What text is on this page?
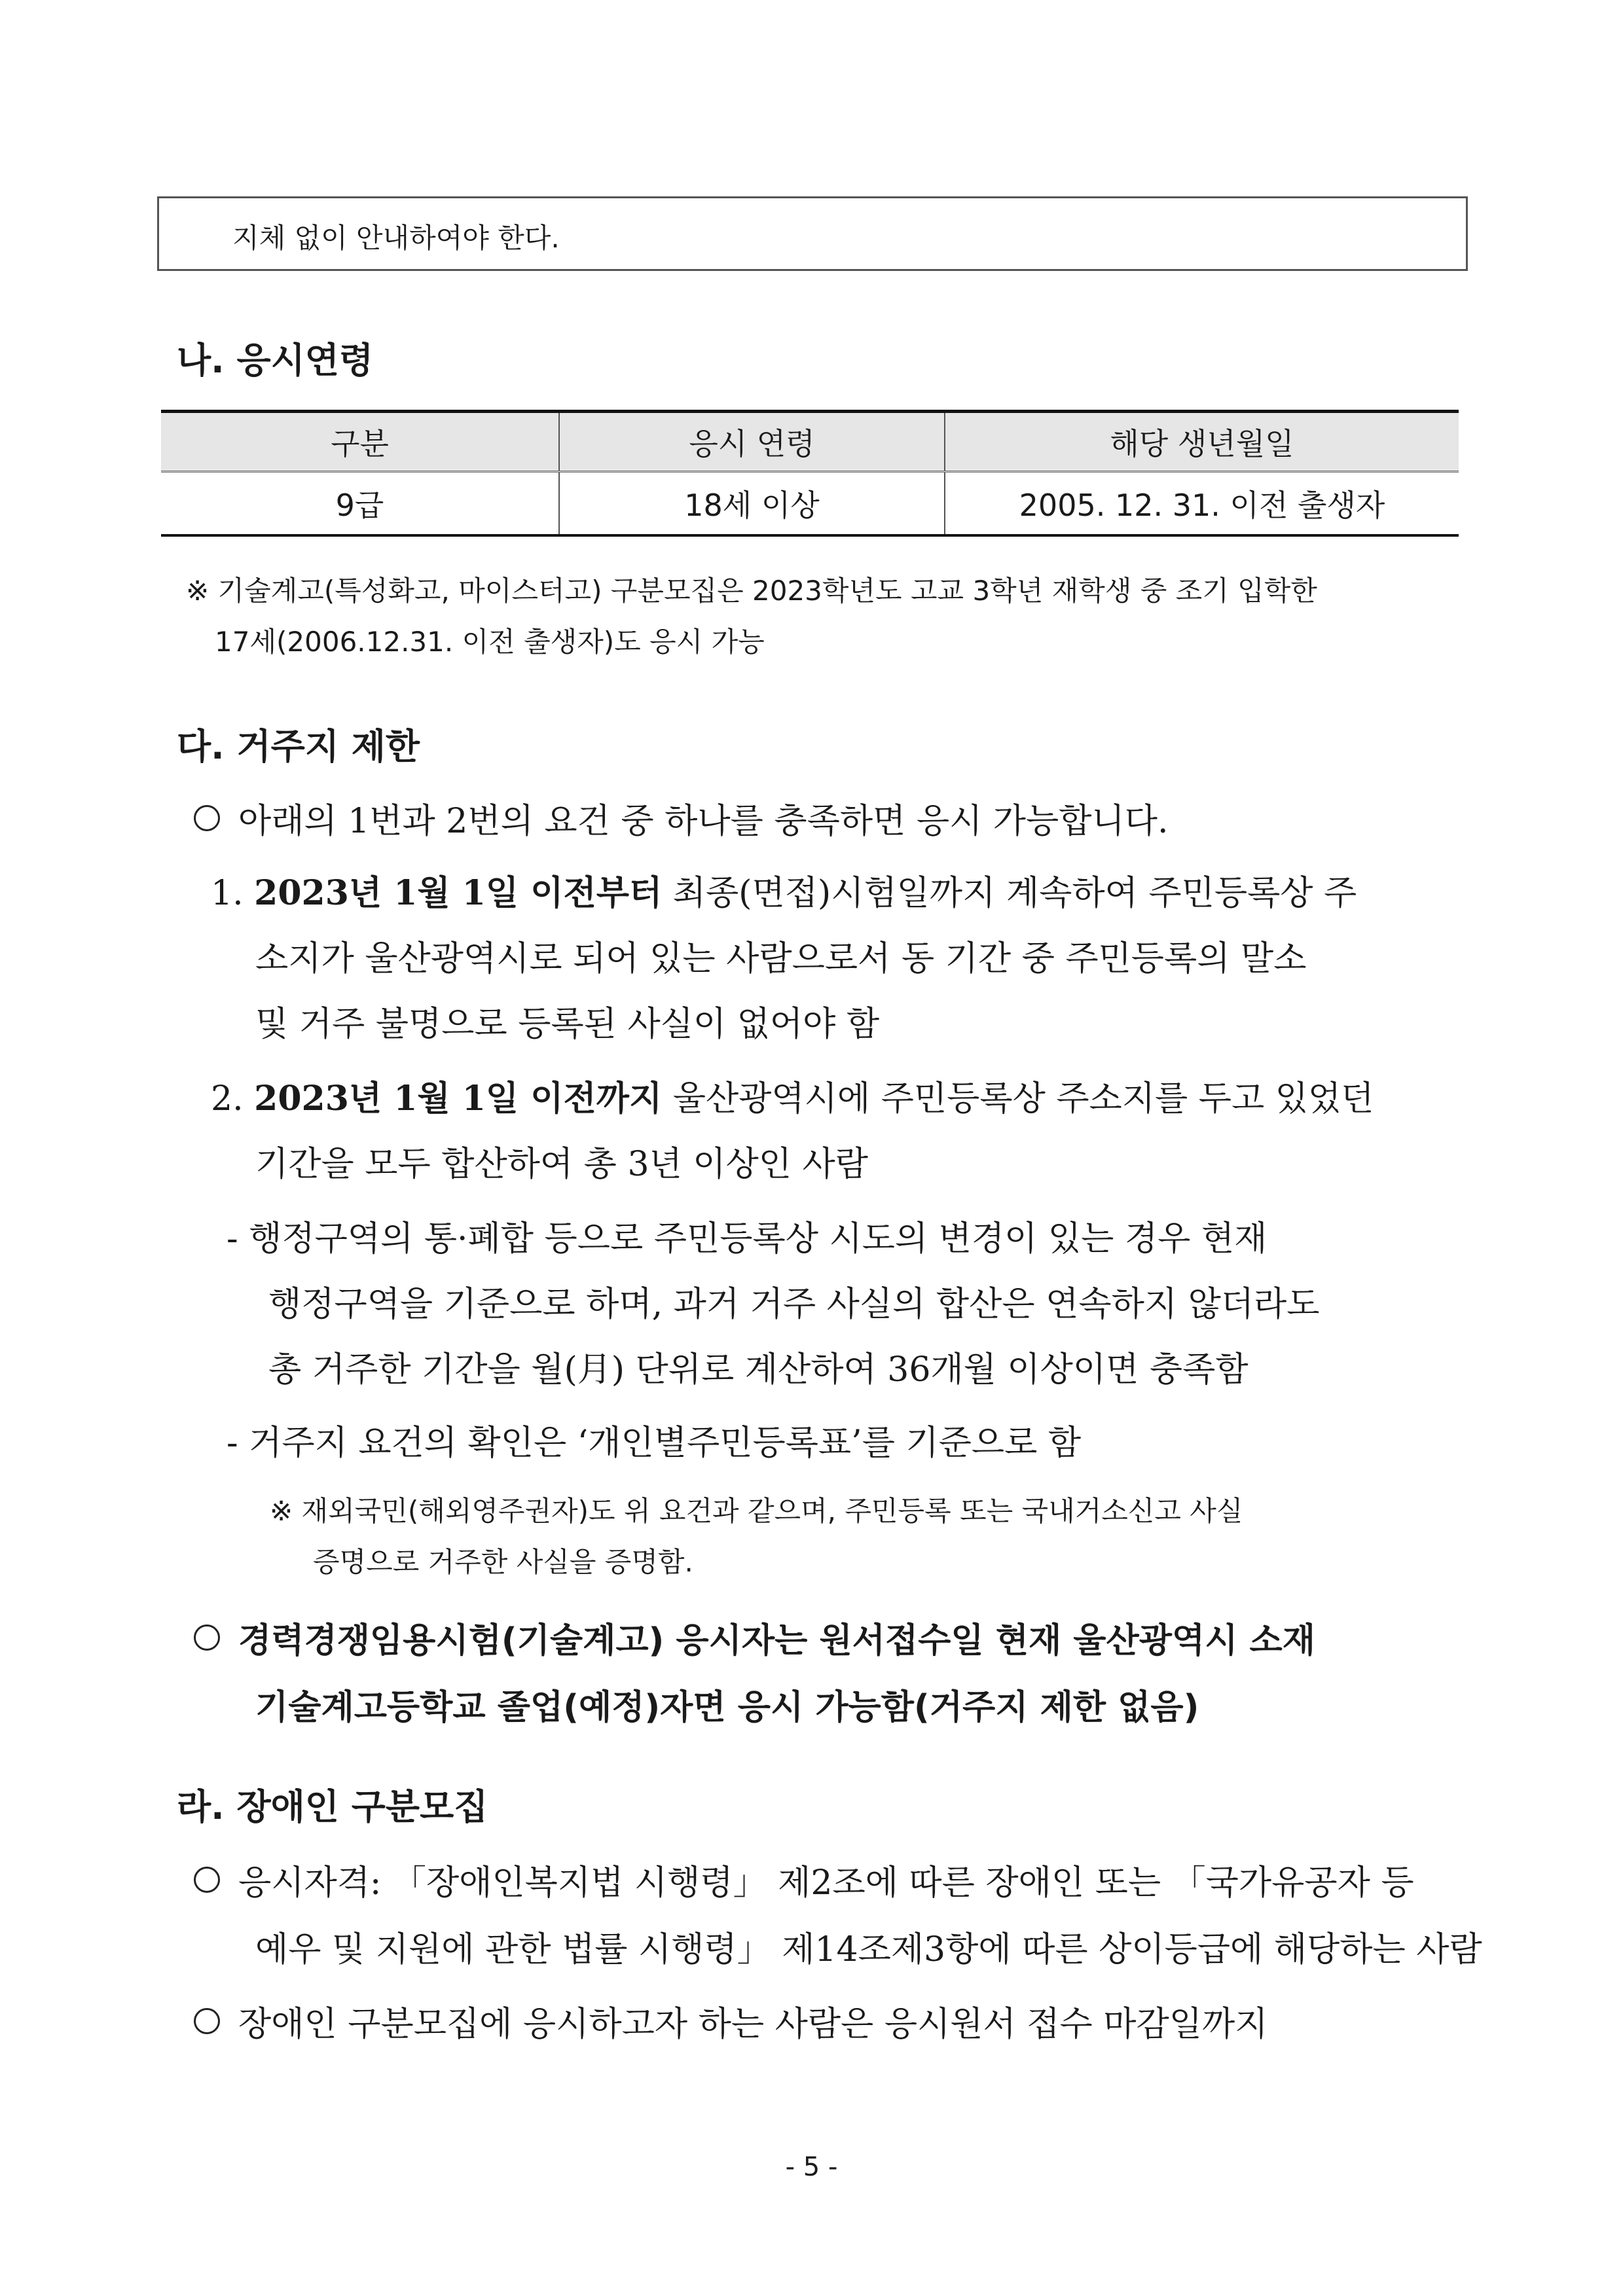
지체 없이 안내하여야 한다.
나. 응시연령
구분	응시 연령	해당 생년월일
9급	18세 이상	2005. 12. 31. 이전 출생자
※ 기술계고(특성화고, 마이스터고) 구분모집은 2023학년도 고교 3학년 재학생 중 조기 입학한
17세(2006.12.31. 이전 출생자)도 응시 가능
다. 거주지 제한
아래의 1번과 2번의 요건 중 하나를 충족하면 응시 가능합니다.
1. 2023년 1월 1일 이전부터 최종(면접)시험일까지 계속하여 주민등록상 주
소지가 울산광역시로 되어 있는 사람으로서 동 기간 중 주민등록의 말소
및 거주 불명으로 등록된 사실이 없어야 함
2. 2023년 1월 1일 이전까지 울산광역시에 주민등록상 주소지를 두고 있었던
기간을 모두 합산하여 총 3년 이상인 사람
- 행정구역의 통·폐합 등으로 주민등록상 시도의 변경이 있는 경우 현재
행정구역을 기준으로 하며, 과거 거주 사실의 합산은 연속하지 않더라도
총 거주한 기간을 월(月) 단위로 계산하여 36개월 이상이면 충족함
- 거주지 요건의 확인은 ‘개인별주민등록표’를 기준으로 함
※ 재외국민(해외영주권자)도 위 요건과 같으며, 주민등록 또는 국내거소신고 사실
증명으로 거주한 사실을 증명함.
경력경쟁임용시험(기술계고) 응시자는 원서접수일 현재 울산광역시 소재
기술계고등학교 졸업(예정)자면 응시 가능함(거주지 제한 없음)
라. 장애인 구분모집
응시자격: 「장애인복지법 시행령」 제2조에 따른 장애인 또는 「국가유공자 등
예우 및 지원에 관한 법률 시행령」 제14조제3항에 따른 상이등급에 해당하는 사람
장애인 구분모집에 응시하고자 하는 사람은 응시원서 접수 마감일까지
- 5 -
